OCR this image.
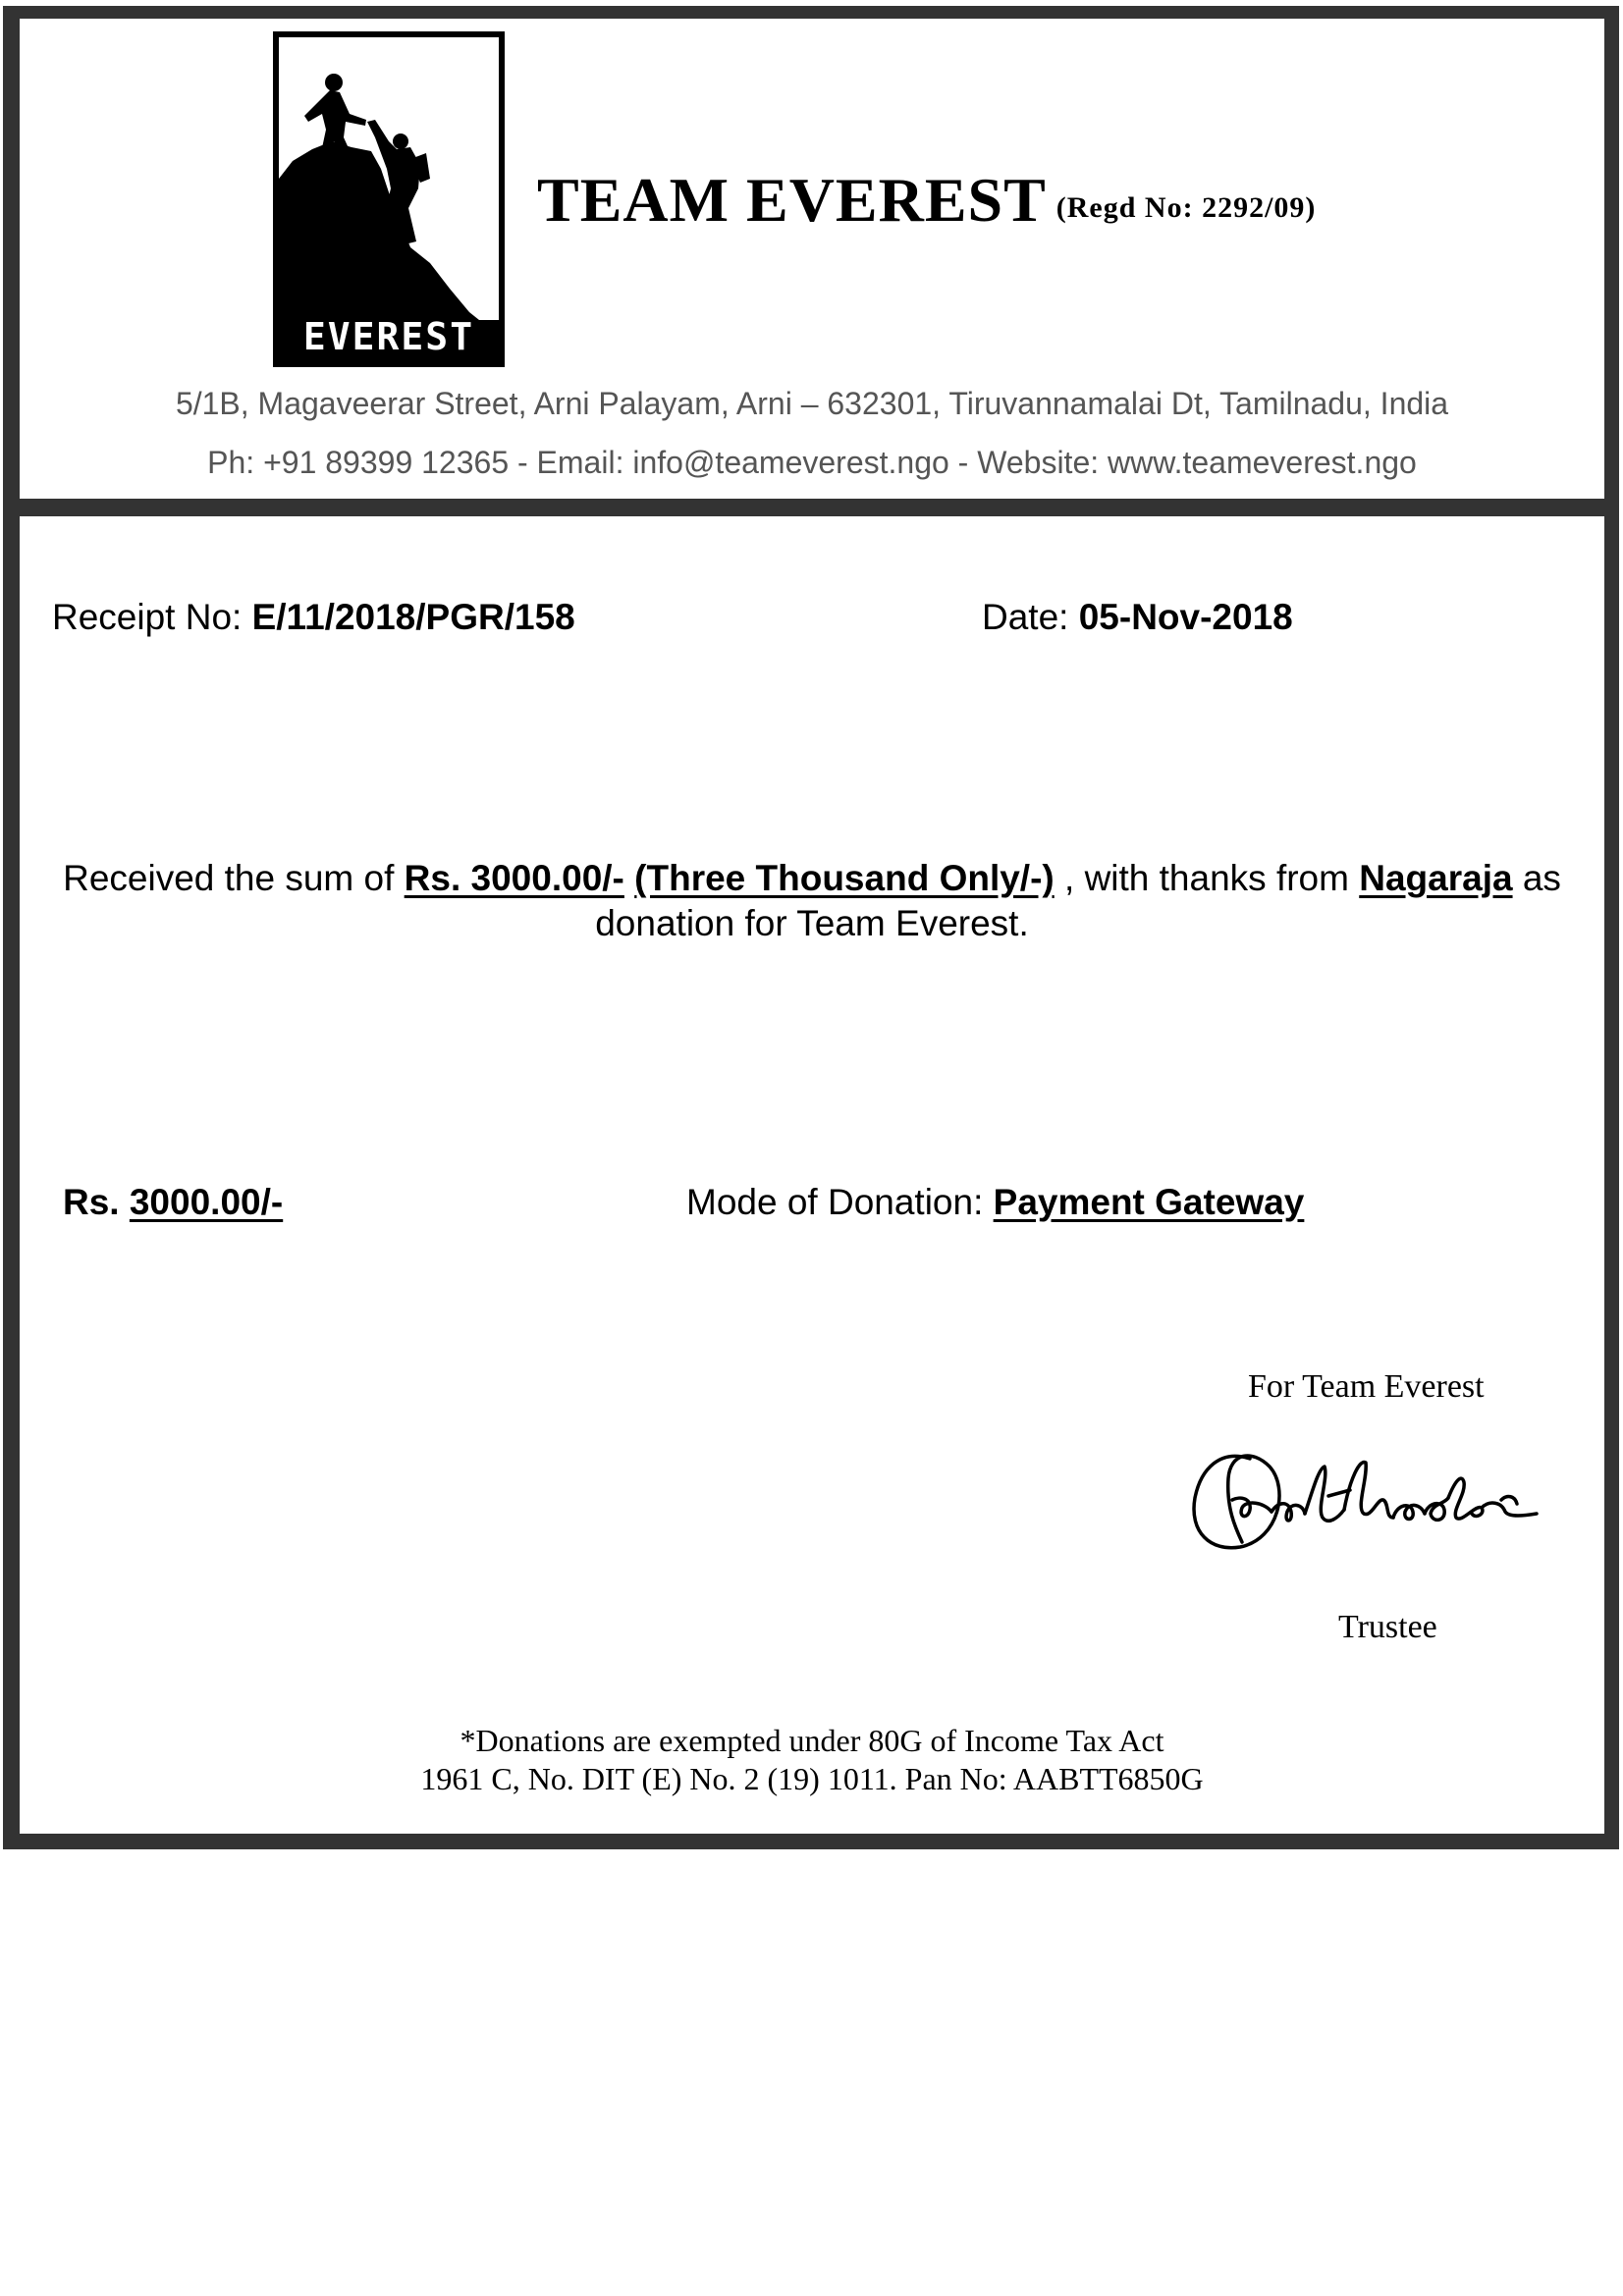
EVEREST
TEAM EVEREST (Regd No: 2292/09)
5/1B, Magaveerar Street, Arni Palayam, Arni – 632301, Tiruvannamalai Dt, Tamilnadu, India
Ph: +91 89399 12365 - Email: info@teameverest.ngo - Website: www.teameverest.ngo
Receipt No: E/11/2018/PGR/158	Date: 05-Nov-2018
Received the sum of Rs. 3000.00/- (Three Thousand Only/-) , with thanks from Nagaraja as donation for Team Everest.
Rs. 3000.00/-	Mode of Donation: Payment Gateway
For Team Everest
Trustee
*Donations are exempted under 80G of Income Tax Act
1961 C, No. DIT (E) No. 2 (19) 1011. Pan No: AABTT6850G
